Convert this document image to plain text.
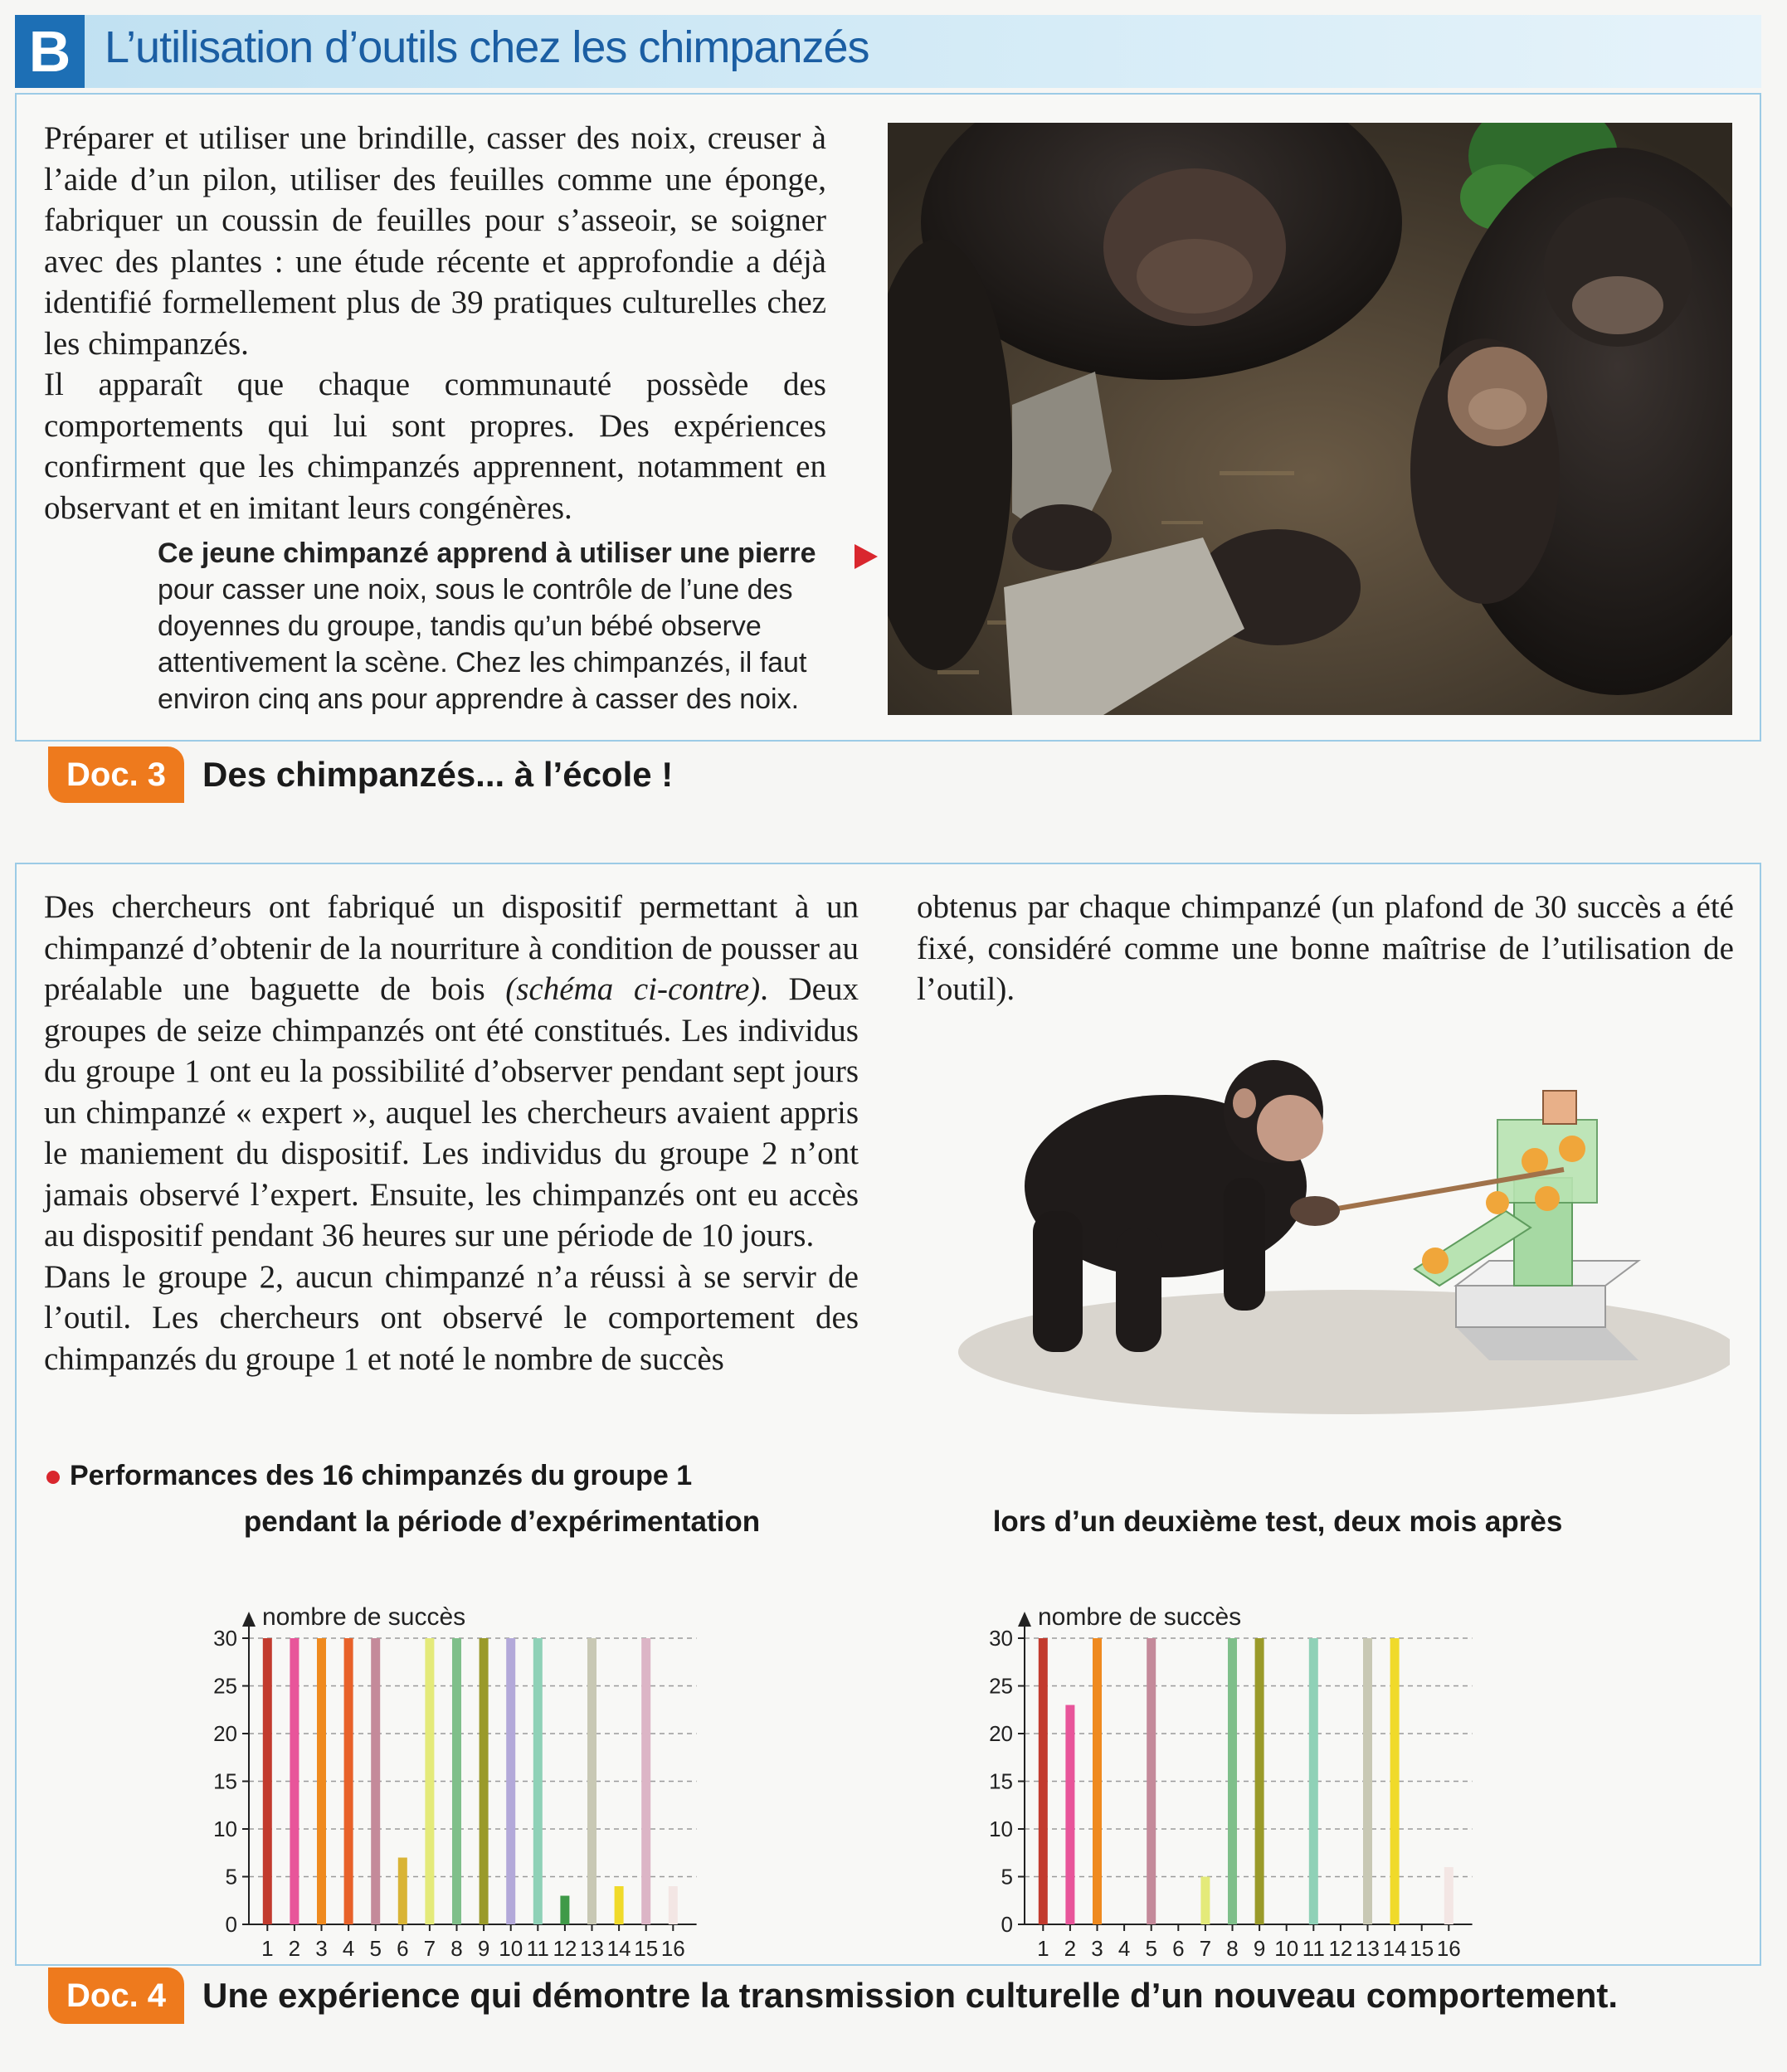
B L’utilisation d’outils chez les chimpanzés
Préparer et utiliser une brindille, casser des noix, creuser à l’aide d’un pilon, utiliser des feuilles comme une éponge, fabriquer un coussin de feuilles pour s’asseoir, se soigner avec des plantes : une étude récente et approfondie a déjà identifié formellement plus de 39 pratiques culturelles chez les chimpanzés.
Il apparaît que chaque communauté possède des comportements qui lui sont propres. Des expériences confirment que les chimpanzés apprennent, notamment en observant et en imitant leurs congénères.
Ce jeune chimpanzé apprend à utiliser une pierre pour casser une noix, sous le contrôle de l’une des doyennes du groupe, tandis qu’un bébé observe attentivement la scène. Chez les chimpanzés, il faut environ cinq ans pour apprendre à casser des noix.
Doc. 3	Des chimpanzés... à l’école !
Des chercheurs ont fabriqué un dispositif permettant à un chimpanzé d’obtenir de la nourriture à condition de pousser au préalable une baguette de bois (schéma ci-contre). Deux groupes de seize chimpanzés ont été constitués. Les individus du groupe 1 ont eu la possibilité d’observer pendant sept jours un chimpanzé « expert », auquel les chercheurs avaient appris le maniement du dispositif. Les individus du groupe 2 n’ont jamais observé l’expert. Ensuite, les chimpanzés ont eu accès au dispositif pendant 36 heures sur une période de 10 jours.
Dans le groupe 2, aucun chimpanzé n’a réussi à se servir de l’outil. Les chercheurs ont observé le comportement des chimpanzés du groupe 1 et noté le nombre de succès
obtenus par chaque chimpanzé (un plafond de 30 succès a été fixé, considéré comme une bonne maîtrise de l’utilisation de l’outil).
Performances des 16 chimpanzés du groupe 1
pendant la période d’expérimentation
0
5
10
15
20
25
30
nombre de succès
1 2 3 4 5 6 7 8 9 10 11 12 13 14 15 16
lors d’un deuxième test, deux mois après
0
5
10
15
20
25
30
nombre de succès
1 2 3 4 5 6 7 8 9 10 11 12 13 14 15 16
Doc. 4	Une expérience qui démontre la transmission culturelle d’un nouveau comportement.
